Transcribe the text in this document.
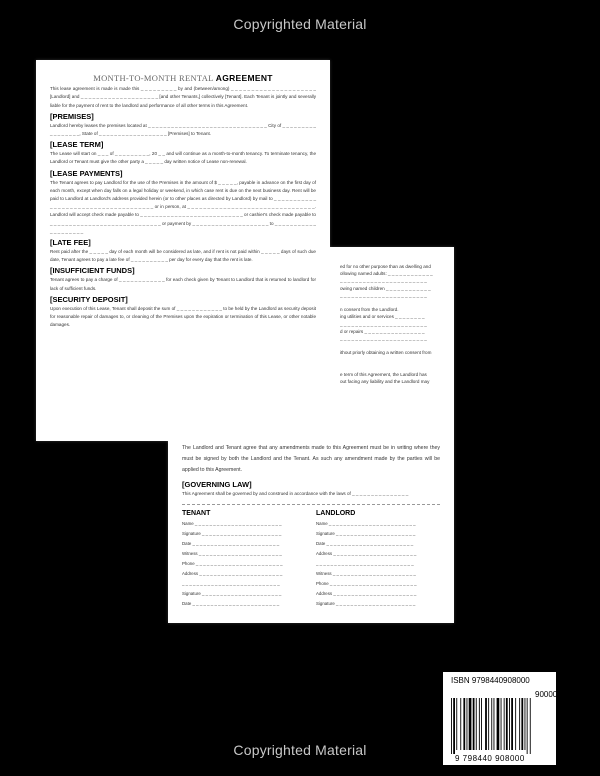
Copyrighted Material
ed for no other purpose than as dwelling and
ollowing named adults: _ _ _ _ _ _ _ _ _ _ _ _
_ _ _ _ _ _ _ _ _ _ _ _ _ _ _ _ _ _ _ _ _ _ _
owing named children _ _ _ _ _ _ _ _ _ _ _ _
_ _ _ _ _ _ _ _ _ _ _ _ _ _ _ _ _ _ _ _ _ _ _
n consent from the Landlord.
ing utilities and or services _ _ _ _ _ _ _ _
_ _ _ _ _ _ _ _ _ _ _ _ _ _ _ _ _ _ _ _ _ _ _
d or repairs _ _ _ _ _ _ _ _ _ _ _ _ _ _ _ _
_ _ _ _ _ _ _ _ _ _ _ _ _ _ _ _ _ _ _ _ _ _ _
ithout priorly obtaining a written consent from
e term of this Agreement, the Landlord has
out facing any liability and the Landlord may
The Landlord and Tenant agree that any amendments made to this Agreement must be in writing where they must be signed by both the Landlord and the Tenant. As such any amendment made by the parties will be applied to this Agreement.
[GOVERNING LAW]
This Agreement shall be governed by and construed in accordance with the laws of _ _ _ _ _ _ _ _ _ _ _ _ _ _ _
TENANT
Name _ _ _ _ _ _ _ _ _ _ _ _ _ _ _ _ _ _ _ _ _ _ _ _
Signature _ _ _ _ _ _ _ _ _ _ _ _ _ _ _ _ _ _ _ _ _ _
Date _ _ _ _ _ _ _ _ _ _ _ _ _ _ _ _ _ _ _ _ _ _ _ _
Witness _ _ _ _ _ _ _ _ _ _ _ _ _ _ _ _ _ _ _ _ _ _ _
Phone _ _ _ _ _ _ _ _ _ _ _ _ _ _ _ _ _ _ _ _ _ _ _ _
Address _ _ _ _ _ _ _ _ _ _ _ _ _ _ _ _ _ _ _ _ _ _ _
_ _ _ _ _ _ _ _ _ _ _ _ _ _ _ _ _ _ _ _ _ _ _ _ _ _ _
Signature _ _ _ _ _ _ _ _ _ _ _ _ _ _ _ _ _ _ _ _ _ _
Date _ _ _ _ _ _ _ _ _ _ _ _ _ _ _ _ _ _ _ _ _ _ _ _
LANDLORD
Name _ _ _ _ _ _ _ _ _ _ _ _ _ _ _ _ _ _ _ _ _ _ _ _
Signature _ _ _ _ _ _ _ _ _ _ _ _ _ _ _ _ _ _ _ _ _ _
Date _ _ _ _ _ _ _ _ _ _ _ _ _ _ _ _ _ _ _ _ _ _ _ _
Address _ _ _ _ _ _ _ _ _ _ _ _ _ _ _ _ _ _ _ _ _ _ _
_ _ _ _ _ _ _ _ _ _ _ _ _ _ _ _ _ _ _ _ _ _ _ _ _ _ _
Witness _ _ _ _ _ _ _ _ _ _ _ _ _ _ _ _ _ _ _ _ _ _ _
Phone _ _ _ _ _ _ _ _ _ _ _ _ _ _ _ _ _ _ _ _ _ _ _ _
Address _ _ _ _ _ _ _ _ _ _ _ _ _ _ _ _ _ _ _ _ _ _ _
Signature _ _ _ _ _ _ _ _ _ _ _ _ _ _ _ _ _ _ _ _ _ _
MONTH-TO-MONTH RENTAL AGREEMENT
This lease agreement is made is made this _ _ _ _ _ _ _ _ _ by and (between/among) _ _ _ _ _ _ _ _ _ _ _ _ _ _ _ _ _ _ _ _ _ [Landlord] and _ _ _ _ _ _ _ _ _ _ _ _ _ _ _ _ _ _ _ _ [and other Tenants,] collectively [Tenant]. Each Tenant is jointly and severally liable for the payment of rent to the landlord and performance of all other terms in this Agreement.
[PREMISES]
Landlord hereby leases the premises located at _ _ _ _ _ _ _ _ _ _ _ _ _ _ _ _ _ _ _ _ _ _ _ _ _ _ _ _ _ _ _ City of _ _ _ _ _ _ _ _ _ _ _ _ _ _ _ _ _, State of _ _ _ _ _ _ _ _ _ _ _ _ _ _ _ _ _ _ [Premises] to Tenant.
[LEASE TERM]
The Lease will start on _ _ _ of _ _ _ _ _ _ _ _ _, 20 _ _ and will continue as a month-to-month tenancy. To terminate tenancy, the Landlord or Tenant must give the other party a _ _ _ _ _ day written notice of Lease non-renewal.
[LEASE PAYMENTS]
The Tenant agrees to pay Landlord for the use of the Premises in the amount of $ _ _ _ _ _, payable in advance on the first day of each month, except when day falls on a legal holiday or weekend, in which case rent is due on the next business day. Rent will be paid to Landlord at Landlord's address provided herein (or to other places as directed by Landlord) by mail to _ _ _ _ _ _ _ _ _ _ _ _ _ _ _ _ _ _ _ _ _ _ _ _ _ _ _ _ _ _ _ _ _ _ _ _ _ or in person, at _ _ _ _ _ _ _ _ _ _ _ _ _ _ _ _ _ _ _ _ _ _ _ _ _ _ _ _ _ _ _ _. Landlord will accept check made payable to _ _ _ _ _ _ _ _ _ _ _ _ _ _ _ _ _ _ _ _ _ _ _ _ _ _ _ or cashier's check made payable to _ _ _ _ _ _ _ _ _ _ _ _ _ _ _ _ _ _ _ _ _ _ _ _ _ _ _ _ _ or payment by _ _ _ _ _ _ _ _ _ _ _ _ _ _ _ _ _ _ _ _ to _ _ _ _ _ _ _ _ _ _ _ _ _ _ _ _ _ _ _ _
[LATE FEE]
Rent paid after the _ _ _ _ _ day of each month will be considered as late, and if rent is not paid within _ _ _ _ _ days of such due date, Tenant agrees to pay a late fee of _ _ _ _ _ _ _ _ _ _ per day for every day that the rent is late.
[INSUFFICIENT FUNDS]
Tenant agrees to pay a charge of _ _ _ _ _ _ _ _ _ _ _ _ for each check given by Tenant to Landlord that is returned to landlord for lack of sufficient funds.
[SECURITY DEPOSIT]
Upon execution of this Lease, Tenant shall deposit the sum of _ _ _ _ _ _ _ _ _ _ _ _ to be held by the Landlord as security deposit for reasonable repair of damages to, or cleaning of the Premises upon the expiration or termination of this Lease, or other notable damages.
Copyrighted Material
ISBN 9798440908000
90000
9 798440 908000
